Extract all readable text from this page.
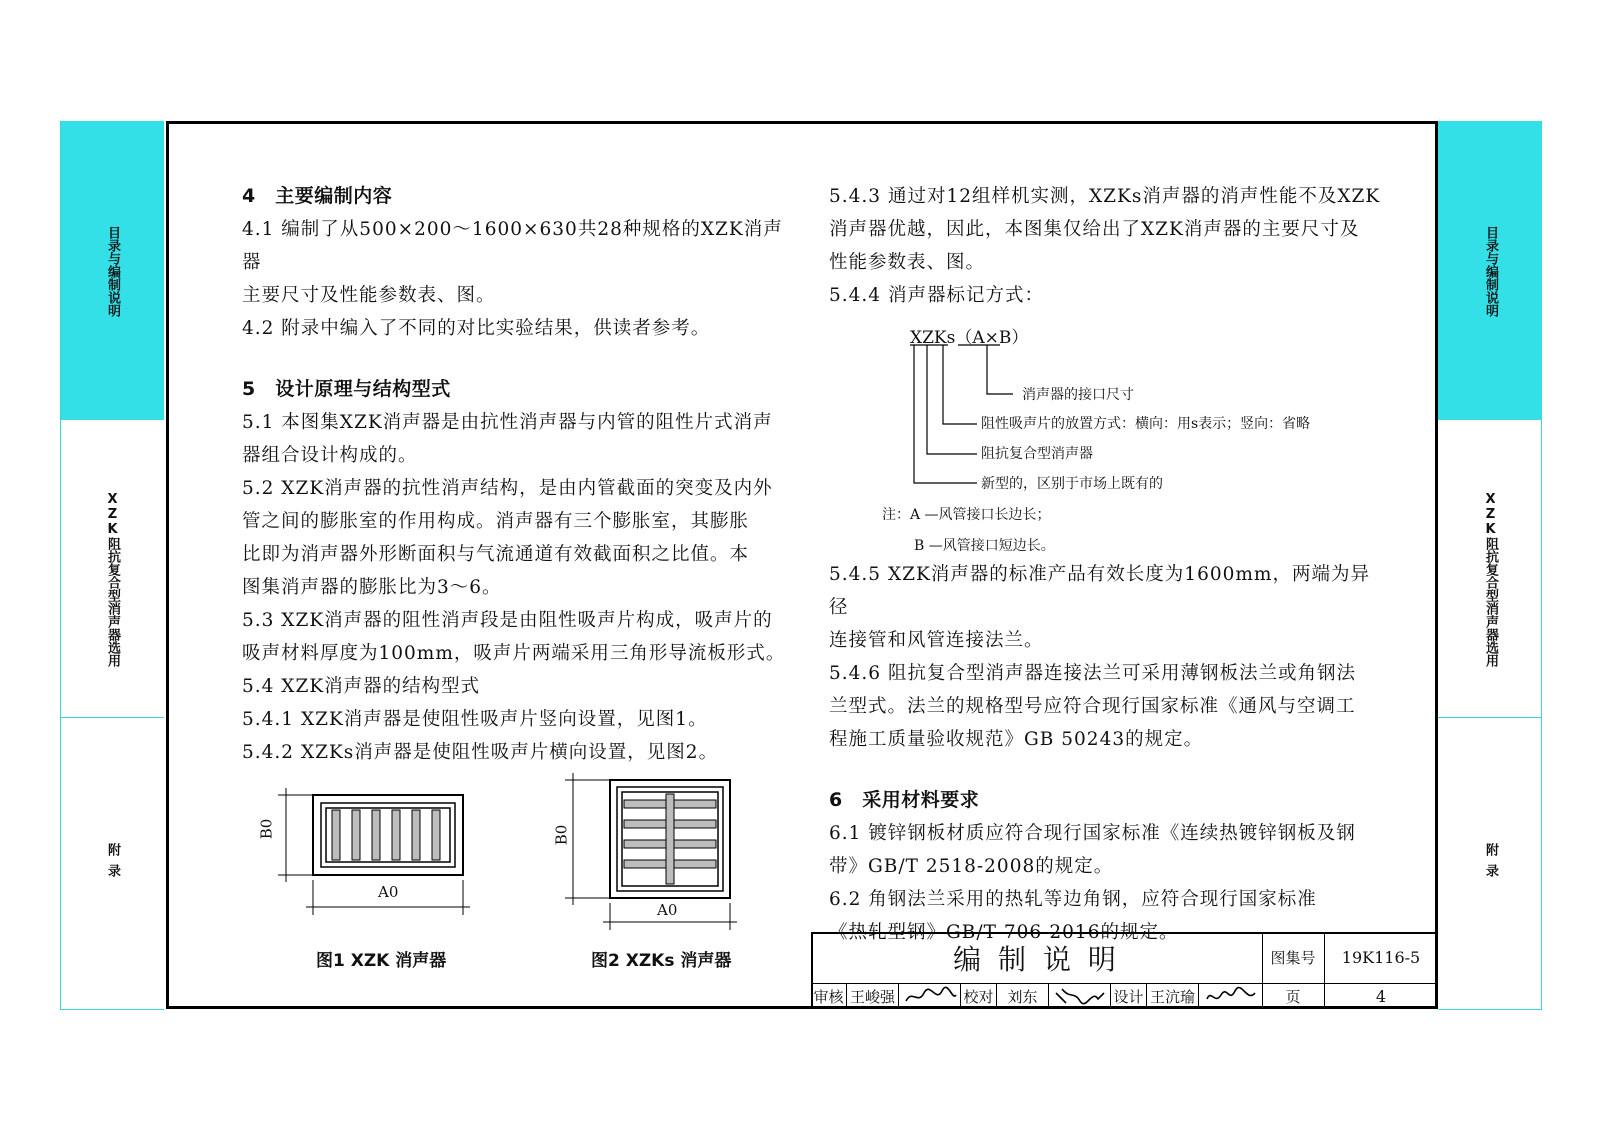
目录与编制说明
XZK阻抗复合型消声器选用
附录
目录与编制说明
XZK阻抗复合型消声器选用
附录

4　主要编制内容

4.1 编制了从500×200～1600×630共28种规格的XZK消声器

主要尺寸及性能参数表、图。

4.2 附录中编入了不同的对比实验结果，供读者参考。

5　设计原理与结构型式

5.1 本图集XZK消声器是由抗性消声器与内管的阻性片式消声

器组合设计构成的。

5.2 XZK消声器的抗性消声结构，是由内管截面的突变及内外

管之间的膨胀室的作用构成。消声器有三个膨胀室，其膨胀

比即为消声器外形断面积与气流通道有效截面积之比值。本

图集消声器的膨胀比为3～6。

5.3 XZK消声器的阻性消声段是由阻性吸声片构成，吸声片的

吸声材料厚度为100mm，吸声片两端采用三角形导流板形式。

5.4 XZK消声器的结构型式

5.4.1 XZK消声器是使阻性吸声片竖向设置，见图1。

5.4.2 XZKs消声器是使阻性吸声片横向设置，见图2。

B0
A0
图1 XZK 消声器
B0
A0
图2 XZKs 消声器

5.4.3 通过对12组样机实测，XZKs消声器的消声性能不及XZK

消声器优越，因此，本图集仅给出了XZK消声器的主要尺寸及

性能参数表、图。

5.4.4 消声器标记方式：

XZKs（A×B）
消声器的接口尺寸
阻性吸声片的放置方式：横向：用s表示；竖向：省略
阻抗复合型消声器
新型的，区别于市场上既有的
注：A —风管接口长边长；
B —风管接口短边长。

5.4.5 XZK消声器的标准产品有效长度为1600mm，两端为异径

连接管和风管连接法兰。

5.4.6 阻抗复合型消声器连接法兰可采用薄钢板法兰或角钢法

兰型式。法兰的规格型号应符合现行国家标准《通风与空调工

程施工质量验收规范》GB 50243的规定。

6　采用材料要求

6.1 镀锌钢板材质应符合现行国家标准《连续热镀锌钢板及钢

带》GB/T 2518-2008的规定。

6.2 角钢法兰采用的热轧等边角钢，应符合现行国家标准

《热轧型钢》GB/T 706-2016的规定。

编 制 说 明	图集号	19K116-5
审核 王峻强	校对 刘东	设计 王沆瑜	页	4
